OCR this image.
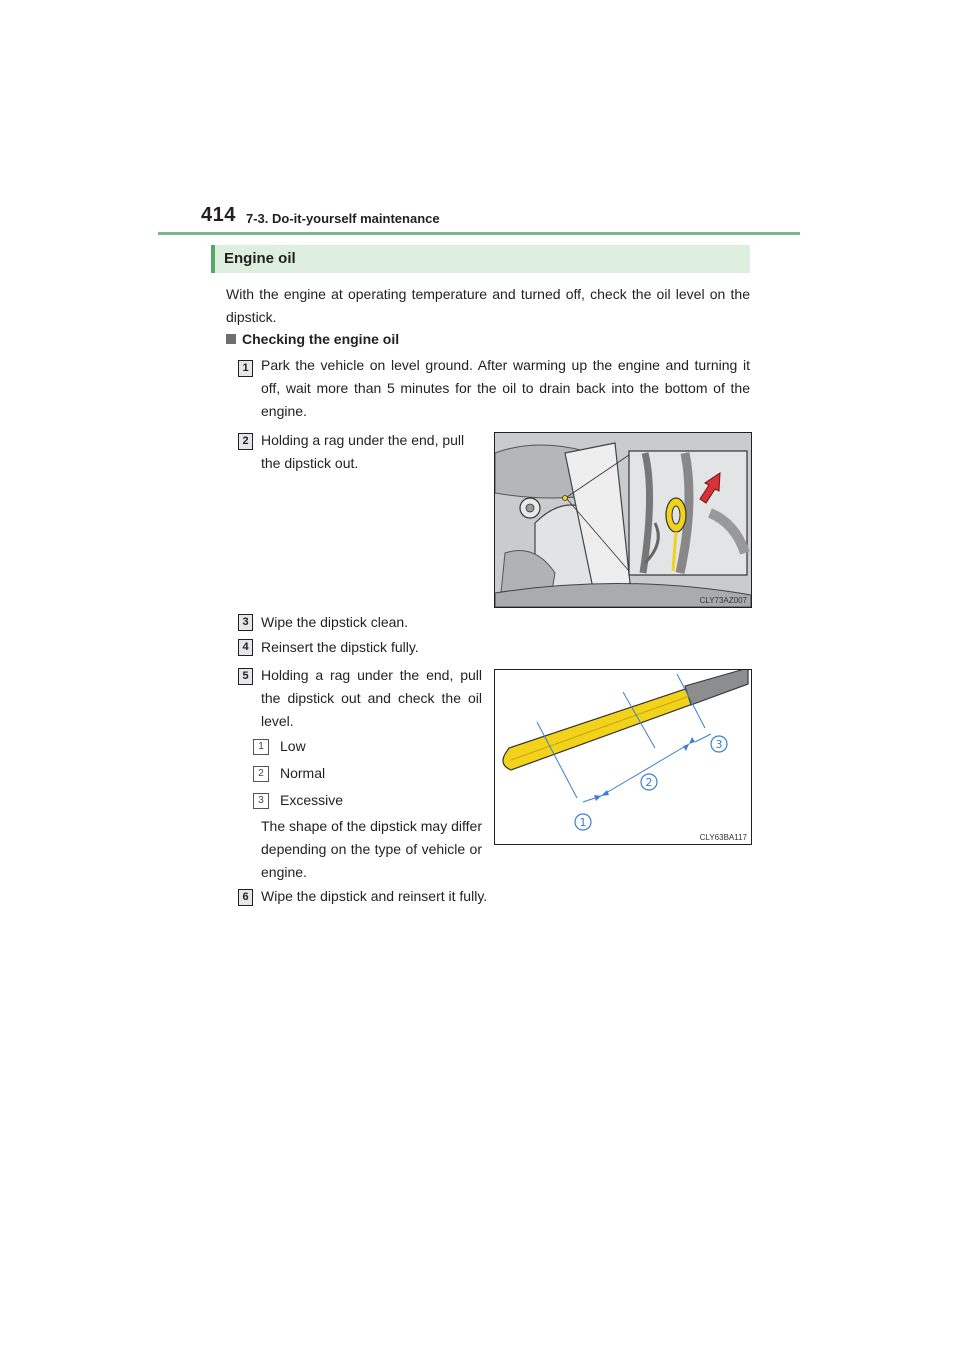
414 7-3. Do-it-yourself maintenance
Engine oil
With the engine at operating temperature and turned off, check the oil level on the dipstick.
Checking the engine oil
1 Park the vehicle on level ground. After warming up the engine and turning it off, wait more than 5 minutes for the oil to drain back into the bottom of the engine.
2 Holding a rag under the end, pull the dipstick out.
3 Wipe the dipstick clean.
4 Reinsert the dipstick fully.
5 Holding a rag under the end, pull the dipstick out and check the oil level.
1	Low
2	Normal
3	Excessive
The shape of the dipstick may differ depending on the type of vehicle or engine.
6 Wipe the dipstick and reinsert it fully.
CLY73AZ007
1
2
3
CLY63BA117
